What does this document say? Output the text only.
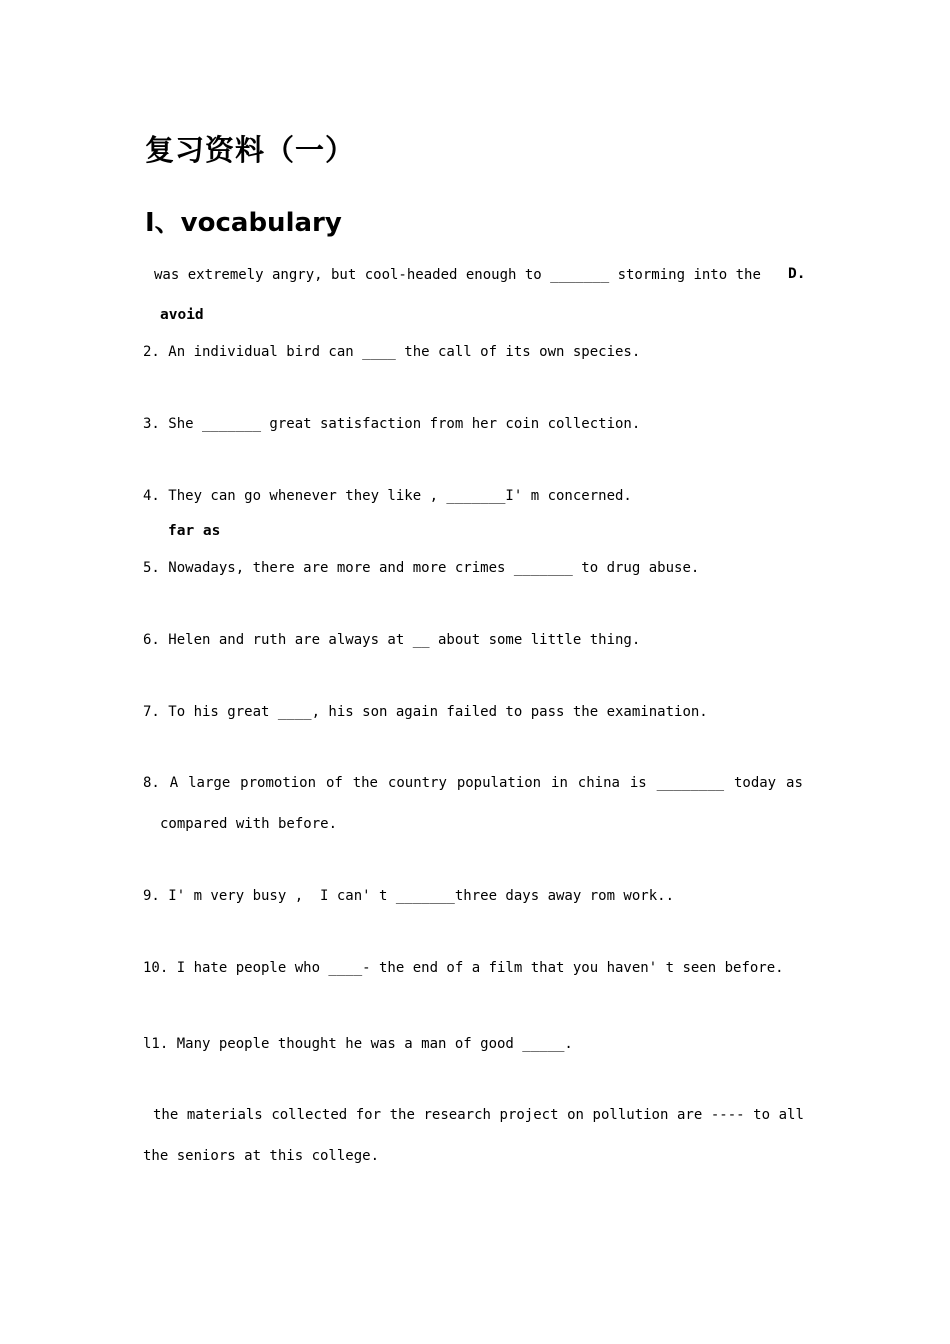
复习资料（一）
I、vocabulary
was extremely angry, but cool-headed enough to _______ storming into the D.
avoid
2. An individual bird can ____ the call of its own species.
3. She _______ great satisfaction from her coin collection.
4. They can go whenever they like , _______I' m concerned.
far as
5. Nowadays, there are more and more crimes _______ to drug abuse.
6. Helen and ruth are always at __ about some little thing.
7. To his great ____, his son again failed to pass the examination.
8. A large promotion of the country population in china is ________ today as
compared with before.
9. I' m very busy ,  I can' t _______three days away rom work..
10. I hate people who ____- the end of a film that you haven' t seen before.
l1. Many people thought he was a man of good _____.
the materials collected for the research project on pollution are ---- to all
the seniors at this college.
